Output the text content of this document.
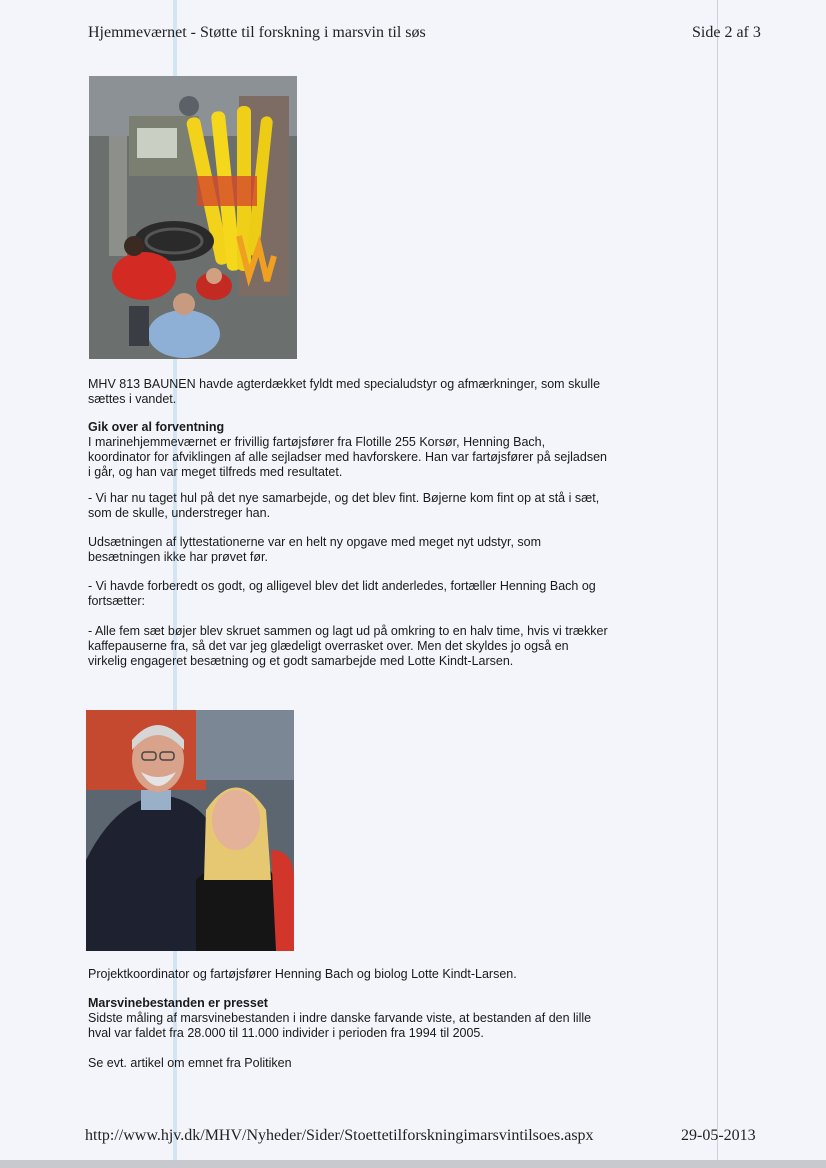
Hjemmeværnet - Støtte til forskning i marsvin til søs	Side 2 af 3

MHV 813 BAUNEN havde agterdækket fyldt med specialudstyr og afmærkninger, som skulle sættes i vandet.

Gik over al forventning

I marinehjemmeværnet er frivillig fartøjsfører fra Flotille 255 Korsør, Henning Bach, koordinator for afviklingen af alle sejladser med havforskere. Han var fartøjsfører på sejladsen i går, og han var meget tilfreds med resultatet.

- Vi har nu taget hul på det nye samarbejde, og det blev fint. Bøjerne kom fint op at stå i sæt, som de skulle, understreger han.

Udsætningen af lyttestationerne var en helt ny opgave med meget nyt udstyr, som besætningen ikke har prøvet før.

- Vi havde forberedt os godt, og alligevel blev det lidt anderledes, fortæller Henning Bach og fortsætter:

- Alle fem sæt bøjer blev skruet sammen og lagt ud på omkring to en halv time, hvis vi trækker kaffepauserne fra, så det var jeg glædeligt overrasket over. Men det skyldes jo også en virkelig engageret besætning og et godt samarbejde med Lotte Kindt-Larsen.

Projektkoordinator og fartøjsfører Henning Bach og biolog Lotte Kindt-Larsen.

Marsvinebestanden er presset

Sidste måling af marsvinebestanden i indre danske farvande viste, at bestanden af den lille hval var faldet fra 28.000 til 11.000 individer i perioden fra 1994 til 2005.

Se evt. artikel om emnet fra Politiken

http://www.hjv.dk/MHV/Nyheder/Sider/Stoettetilforskningimarsvintilsoes.aspx	29-05-2013
